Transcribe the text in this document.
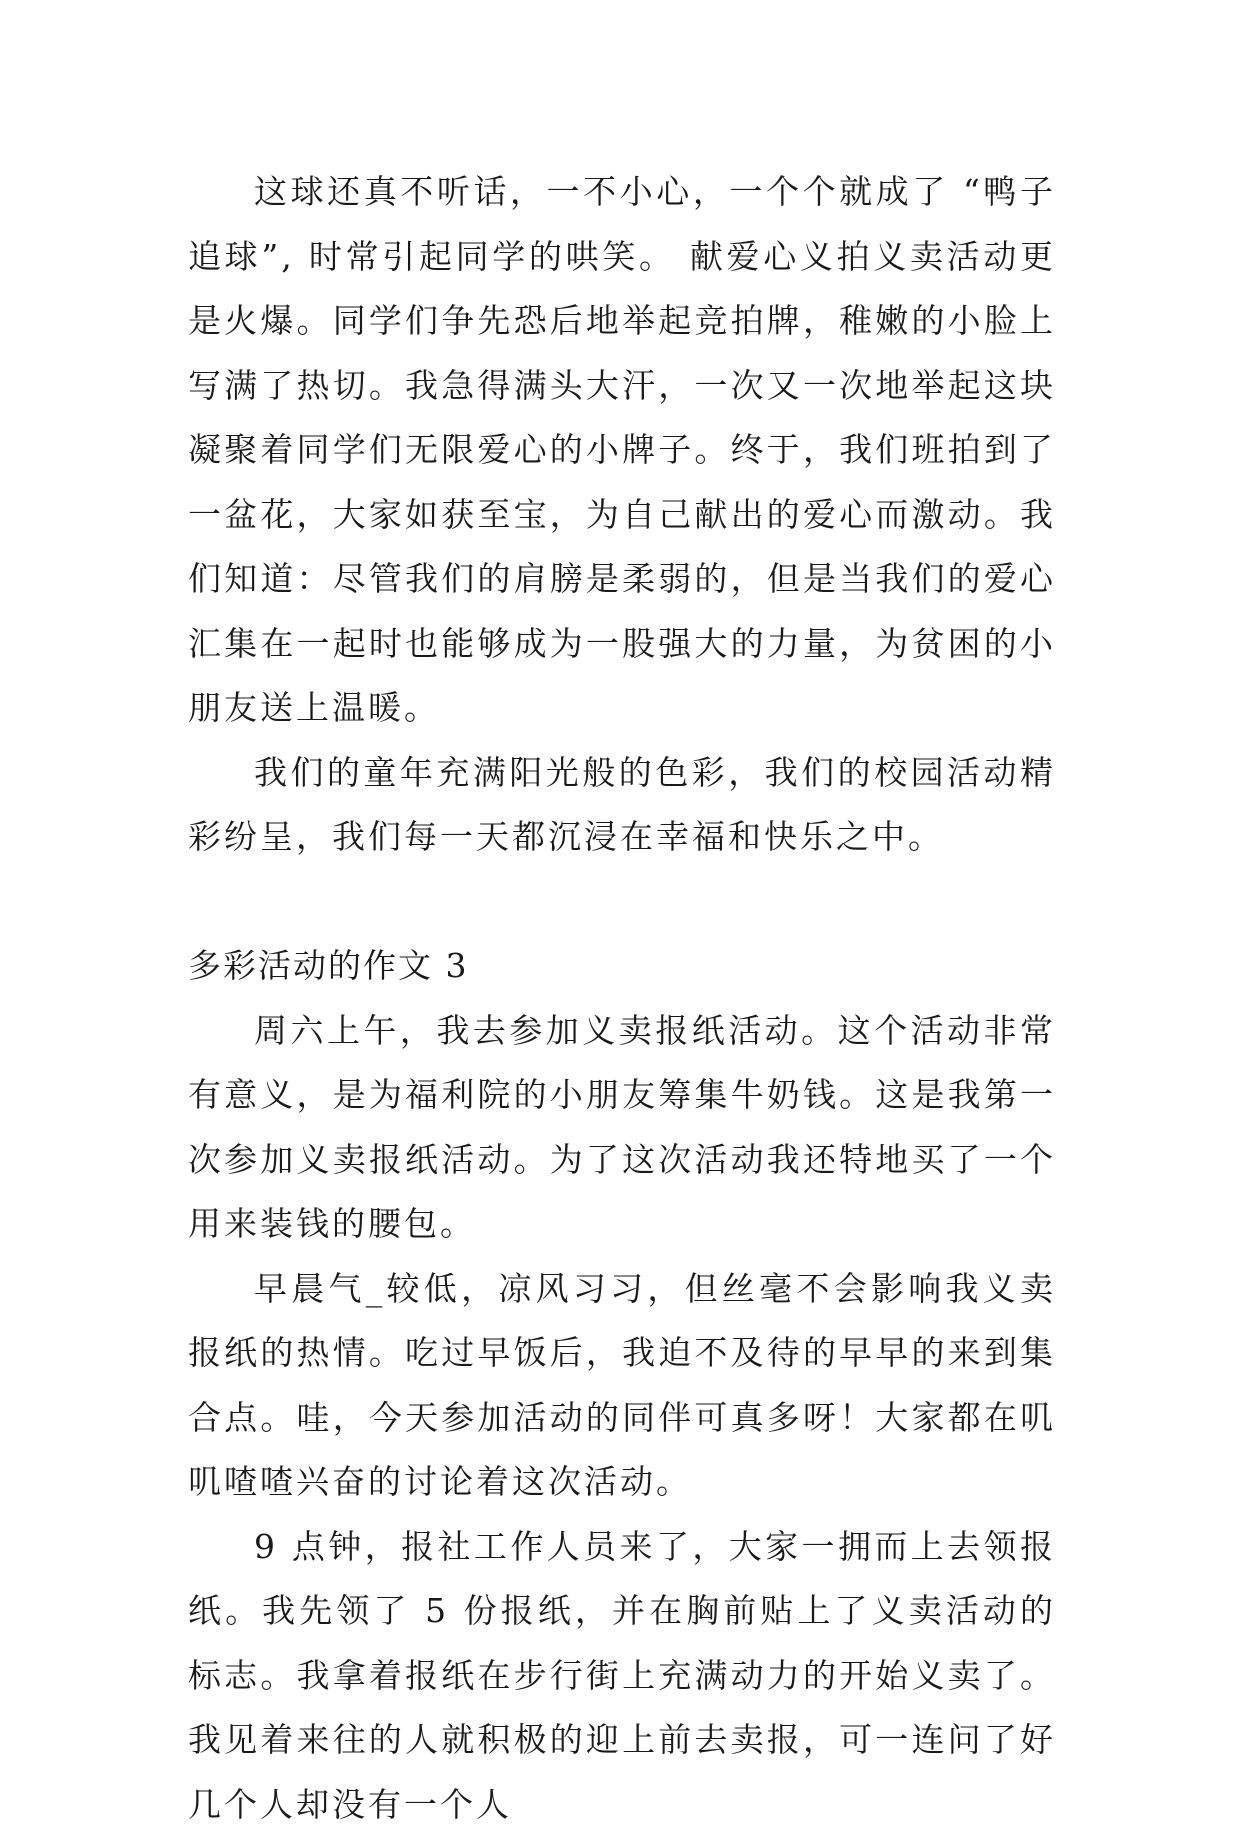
这球还真不听话，一不小心，一个个就成了 “鸭子追球”, 时常引起同学的哄笑。 献爱心义拍义卖活动更是火爆。同学们争先恐后地举起竞拍牌，稚嫩的小脸上写满了热切。我急得满头大汗，一次又一次地举起这块凝聚着同学们无限爱心的小牌子。终于，我们班拍到了一盆花，大家如获至宝，为自己献出的爱心而激动。我们知道：尽管我们的肩膀是柔弱的，但是当我们的爱心汇集在一起时也能够成为一股强大的力量，为贫困的小朋友送上温暖。

我们的童年充满阳光般的色彩，我们的校园活动精彩纷呈，我们每一天都沉浸在幸福和快乐之中。

多彩活动的作文 3

周六上午，我去参加义卖报纸活动。这个活动非常有意义，是为福利院的小朋友筹集牛奶钱。这是我第一次参加义卖报纸活动。为了这次活动我还特地买了一个用来装钱的腰包。

早晨气_较低，凉风习习，但丝毫不会影响我义卖报纸的热情。吃过早饭后，我迫不及待的早早的来到集合点。哇，今天参加活动的同伴可真多呀！大家都在叽叽喳喳兴奋的讨论着这次活动。

9 点钟，报社工作人员来了，大家一拥而上去领报纸。我先领了 5 份报纸，并在胸前贴上了义卖活动的标志。我拿着报纸在步行街上充满动力的开始义卖了。我见着来往的人就积极的迎上前去卖报，可一连问了好几个人却没有一个人
